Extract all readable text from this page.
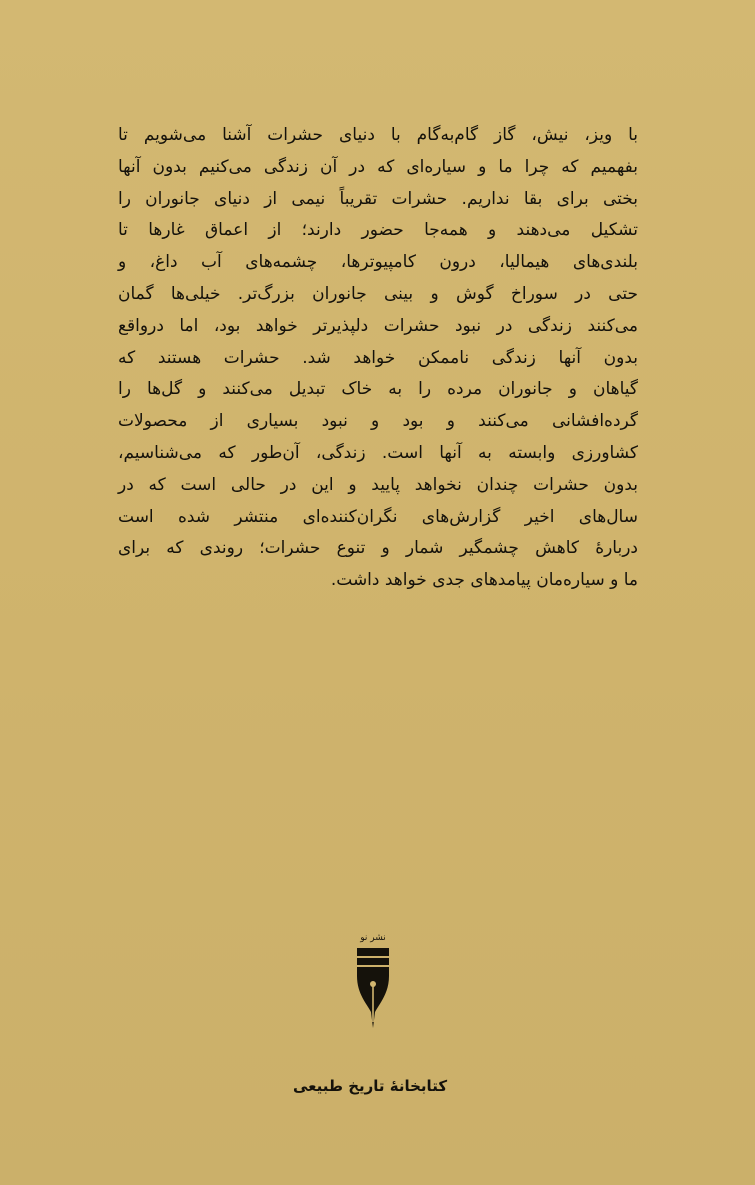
با ویز، نیش، گاز گام‌به‌گام با دنیای حشرات آشنا می‌شویم تا
بفهمیم که چرا ما و سیاره‌ای که در آن زندگی می‌کنیم بدون آنها
بختی برای بقا نداریم. حشرات تقریباً نیمی از دنیای جانوران را
تشکیل می‌دهند و همه‌جا حضور دارند؛ از اعماق غارها تا
بلندی‌های هیمالیا، درون کامپیوترها، چشمه‌های آب داغ، و
حتی در سوراخ گوش و بینی جانوران بزرگ‌تر. خیلی‌ها گمان
می‌کنند زندگی در نبود حشرات دلپذیرتر خواهد بود، اما درواقع
بدون آنها زندگی ناممکن خواهد شد. حشرات هستند که
گیاهان و جانوران مرده را به خاک تبدیل می‌کنند و گل‌ها را
گرده‌افشانی می‌کنند و بود و نبود بسیاری از محصولات
کشاورزی وابسته به آنها است. زندگی، آن‌طور که می‌شناسیم،
بدون حشرات چندان نخواهد پایید و این در حالی است که در
سال‌های اخیر گزارش‌های نگران‌کننده‌ای منتشر شده است
دربارهٔ کاهش چشمگیر شمار و تنوع حشرات؛ روندی که برای
ما و سیاره‌مان پیامدهای جدی خواهد داشت.
نشر نو
کتابخانهٔ تاریخ طبیعی
